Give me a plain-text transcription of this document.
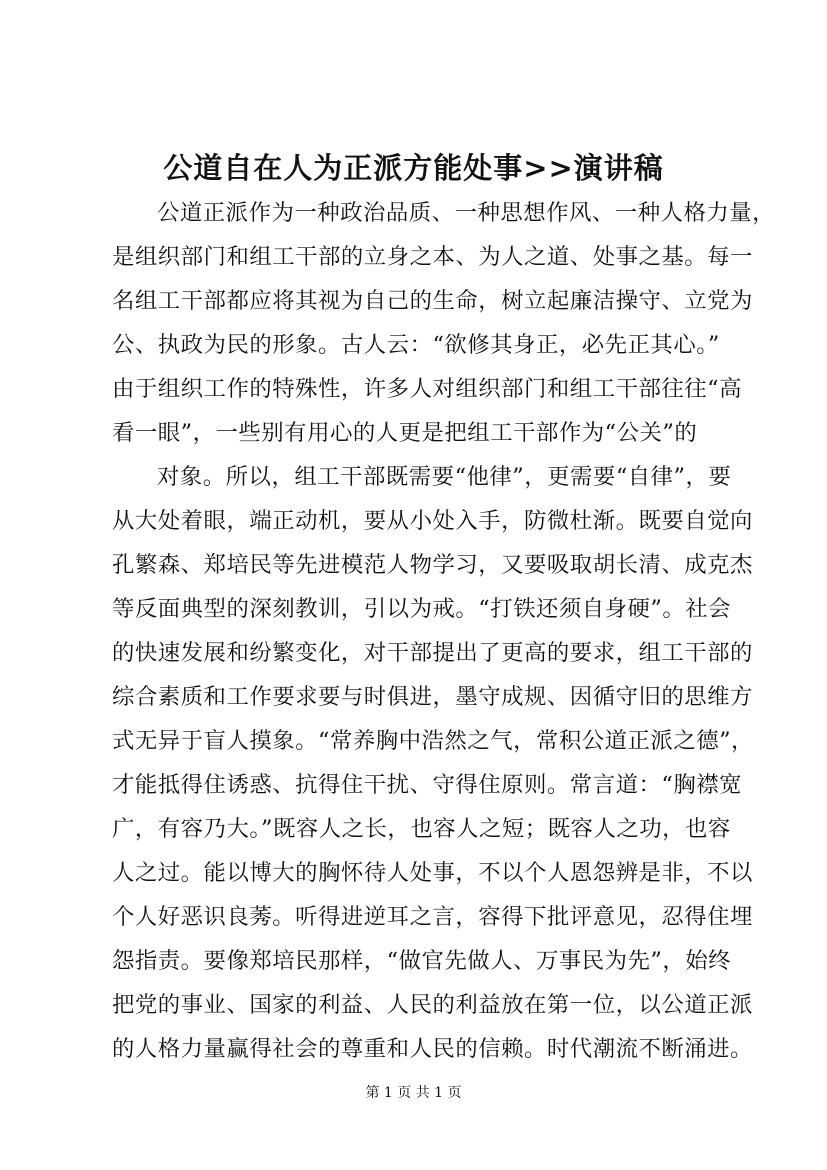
公道自在人为正派方能处事>>演讲稿
公道正派作为一种政治品质、一种思想作风、一种人格力量，
是组织部门和组工干部的立身之本、为人之道、处事之基。每一
名组工干部都应将其视为自己的生命，树立起廉洁操守、立党为
公、执政为民的形象。古人云：“欲修其身正，必先正其心。”
由于组织工作的特殊性，许多人对组织部门和组工干部往往“高
看一眼”，一些别有用心的人更是把组工干部作为“公关”的
对象。所以，组工干部既需要“他律”，更需要“自律”，要
从大处着眼，端正动机，要从小处入手，防微杜渐。既要自觉向
孔繁森、郑培民等先进模范人物学习，又要吸取胡长清、成克杰
等反面典型的深刻教训，引以为戒。“打铁还须自身硬”。社会
的快速发展和纷繁变化，对干部提出了更高的要求，组工干部的
综合素质和工作要求要与时俱进，墨守成规、因循守旧的思维方
式无异于盲人摸象。“常养胸中浩然之气，常积公道正派之德”，
才能抵得住诱惑、抗得住干扰、守得住原则。常言道：“胸襟宽
广，有容乃大。”既容人之长，也容人之短；既容人之功，也容
人之过。能以博大的胸怀待人处事，不以个人恩怨辨是非，不以
个人好恶识良莠。听得进逆耳之言，容得下批评意见，忍得住埋
怨指责。要像郑培民那样，“做官先做人、万事民为先”，始终
把党的事业、国家的利益、人民的利益放在第一位，以公道正派
的人格力量赢得社会的尊重和人民的信赖。时代潮流不断涌进。
第 1 页 共 1 页
